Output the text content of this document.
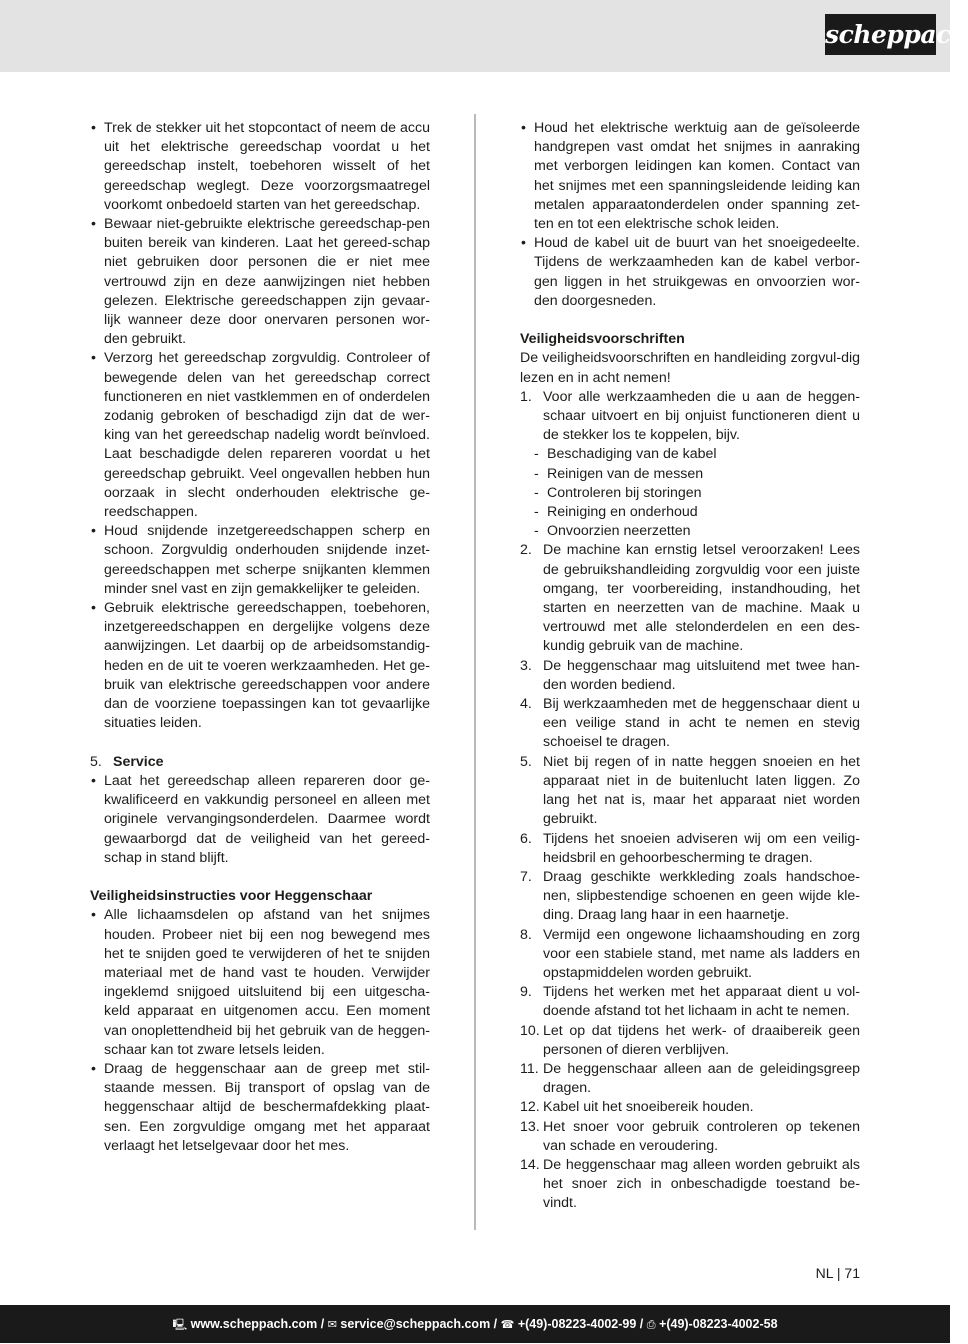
scheppach
• Trek de stekker uit het stopcontact of neem de accu uit het elektrische gereedschap voordat u het gereedschap instelt, toebehoren wisselt of het gereedschap weglegt. Deze voorzorgsmaatregel voorkomt onbedoeld starten van het gereedschap.
• Bewaar niet-gebruikte elektrische gereedschap-pen buiten bereik van kinderen. Laat het gereed-schap niet gebruiken door personen die er niet mee vertrouwd zijn en deze aanwijzingen niet hebben gelezen. Elektrische gereedschappen zijn gevaar-lijk wanneer deze door onervaren personen wor-den gebruikt.
• Verzorg het gereedschap zorgvuldig. Controleer of bewegende delen van het gereedschap correct functioneren en niet vastklemmen en of onderdelen zodanig gebroken of beschadigd zijn dat de wer-king van het gereedschap nadelig wordt beïnvloed. Laat beschadigde delen repareren voordat u het gereedschap gebruikt. Veel ongevallen hebben hun oorzaak in slecht onderhouden elektrische ge-reedschappen.
• Houd snijdende inzetgereedschappen scherp en schoon. Zorgvuldig onderhouden snijdende inzet-gereedschappen met scherpe snijkanten klemmen minder snel vast en zijn gemakkelijker te geleiden.
• Gebruik elektrische gereedschappen, toebehoren, inzetgereedschappen en dergelijke volgens deze aanwijzingen. Let daarbij op de arbeidsomstandig-heden en de uit te voeren werkzaamheden. Het ge-bruik van elektrische gereedschappen voor andere dan de voorziene toepassingen kan tot gevaarlijke situaties leiden.

5. Service

• Laat het gereedschap alleen repareren door ge-kwalificeerd en vakkundig personeel en alleen met originele vervangingsonderdelen. Daarmee wordt gewaarborgd dat de veiligheid van het gereed-schap in stand blijft.

Veiligheidsinstructies voor Heggenschaar

• Alle lichaamsdelen op afstand van het snijmes houden. Probeer niet bij een nog bewegend mes het te snijden goed te verwijderen of het te snijden materiaal met de hand vast te houden. Verwijder ingeklemd snijgoed uitsluitend bij een uitgescha-keld apparaat en uitgenomen accu. Een moment van onoplettendheid bij het gebruik van de heggen-schaar kan tot zware letsels leiden.
• Draag de heggenschaar aan de greep met stil-staande messen. Bij transport of opslag van de heggenschaar altijd de beschermafdekking plaat-sen. Een zorgvuldige omgang met het apparaat verlaagt het letselgevaar door het mes.
• Houd het elektrische werktuig aan de geïsoleerde handgrepen vast omdat het snijmes in aanraking met verborgen leidingen kan komen. Contact van het snijmes met een spanningsleidende leiding kan metalen apparaatonderdelen onder spanning zet-ten en tot een elektrische schok leiden.
• Houd de kabel uit de buurt van het snoeigedeelte. Tijdens de werkzaamheden kan de kabel verbor-gen liggen in het struikgewas en onvoorzien wor-den doorgesneden.

Veiligheidsvoorschriften

De veiligheidsvoorschriften en handleiding zorgvul-dig lezen en in acht nemen!

1. Voor alle werkzaamheden die u aan de heggen-schaar uitvoert en bij onjuist functioneren dient u de stekker los te koppelen, bijv.
- Beschadiging van de kabel
- Reinigen van de messen
- Controleren bij storingen
- Reiniging en onderhoud
- Onvoorzien neerzetten
2. De machine kan ernstig letsel veroorzaken! Lees de gebruikshandleiding zorgvuldig voor een juiste omgang, ter voorbereiding, instandhouding, het starten en neerzetten van de machine. Maak u vertrouwd met alle stelonderdelen en een des-kundig gebruik van de machine.
3. De heggenschaar mag uitsluitend met twee han-den worden bediend.
4. Bij werkzaamheden met de heggenschaar dient u een veilige stand in acht te nemen en stevig schoeisel te dragen.
5. Niet bij regen of in natte heggen snoeien en het apparaat niet in de buitenlucht laten liggen. Zo lang het nat is, maar het apparaat niet worden gebruikt.
6. Tijdens het snoeien adviseren wij om een veilig-heidsbril en gehoorbescherming te dragen.
7. Draag geschikte werkkleding zoals handschoe-nen, slipbestendige schoenen en geen wijde kle-ding. Draag lang haar in een haarnetje.
8. Vermijd een ongewone lichaamshouding en zorg voor een stabiele stand, met name als ladders en opstapmiddelen worden gebruikt.
9. Tijdens het werken met het apparaat dient u vol-doende afstand tot het lichaam in acht te nemen.
10. Let op dat tijdens het werk- of draaibereik geen personen of dieren verblijven.
11. De heggenschaar alleen aan de geleidingsgreep dragen.
12. Kabel uit het snoeibereik houden.
13. Het snoer voor gebruik controleren op tekenen van schade en veroudering.
14. De heggenschaar mag alleen worden gebruikt als het snoer zich in onbeschadigde toestand be-vindt.
NL | 71
🖳 www.scheppach.com / ✉ service@scheppach.com / ☎ +(49)-08223-4002-99 / ⎙ +(49)-08223-4002-58
